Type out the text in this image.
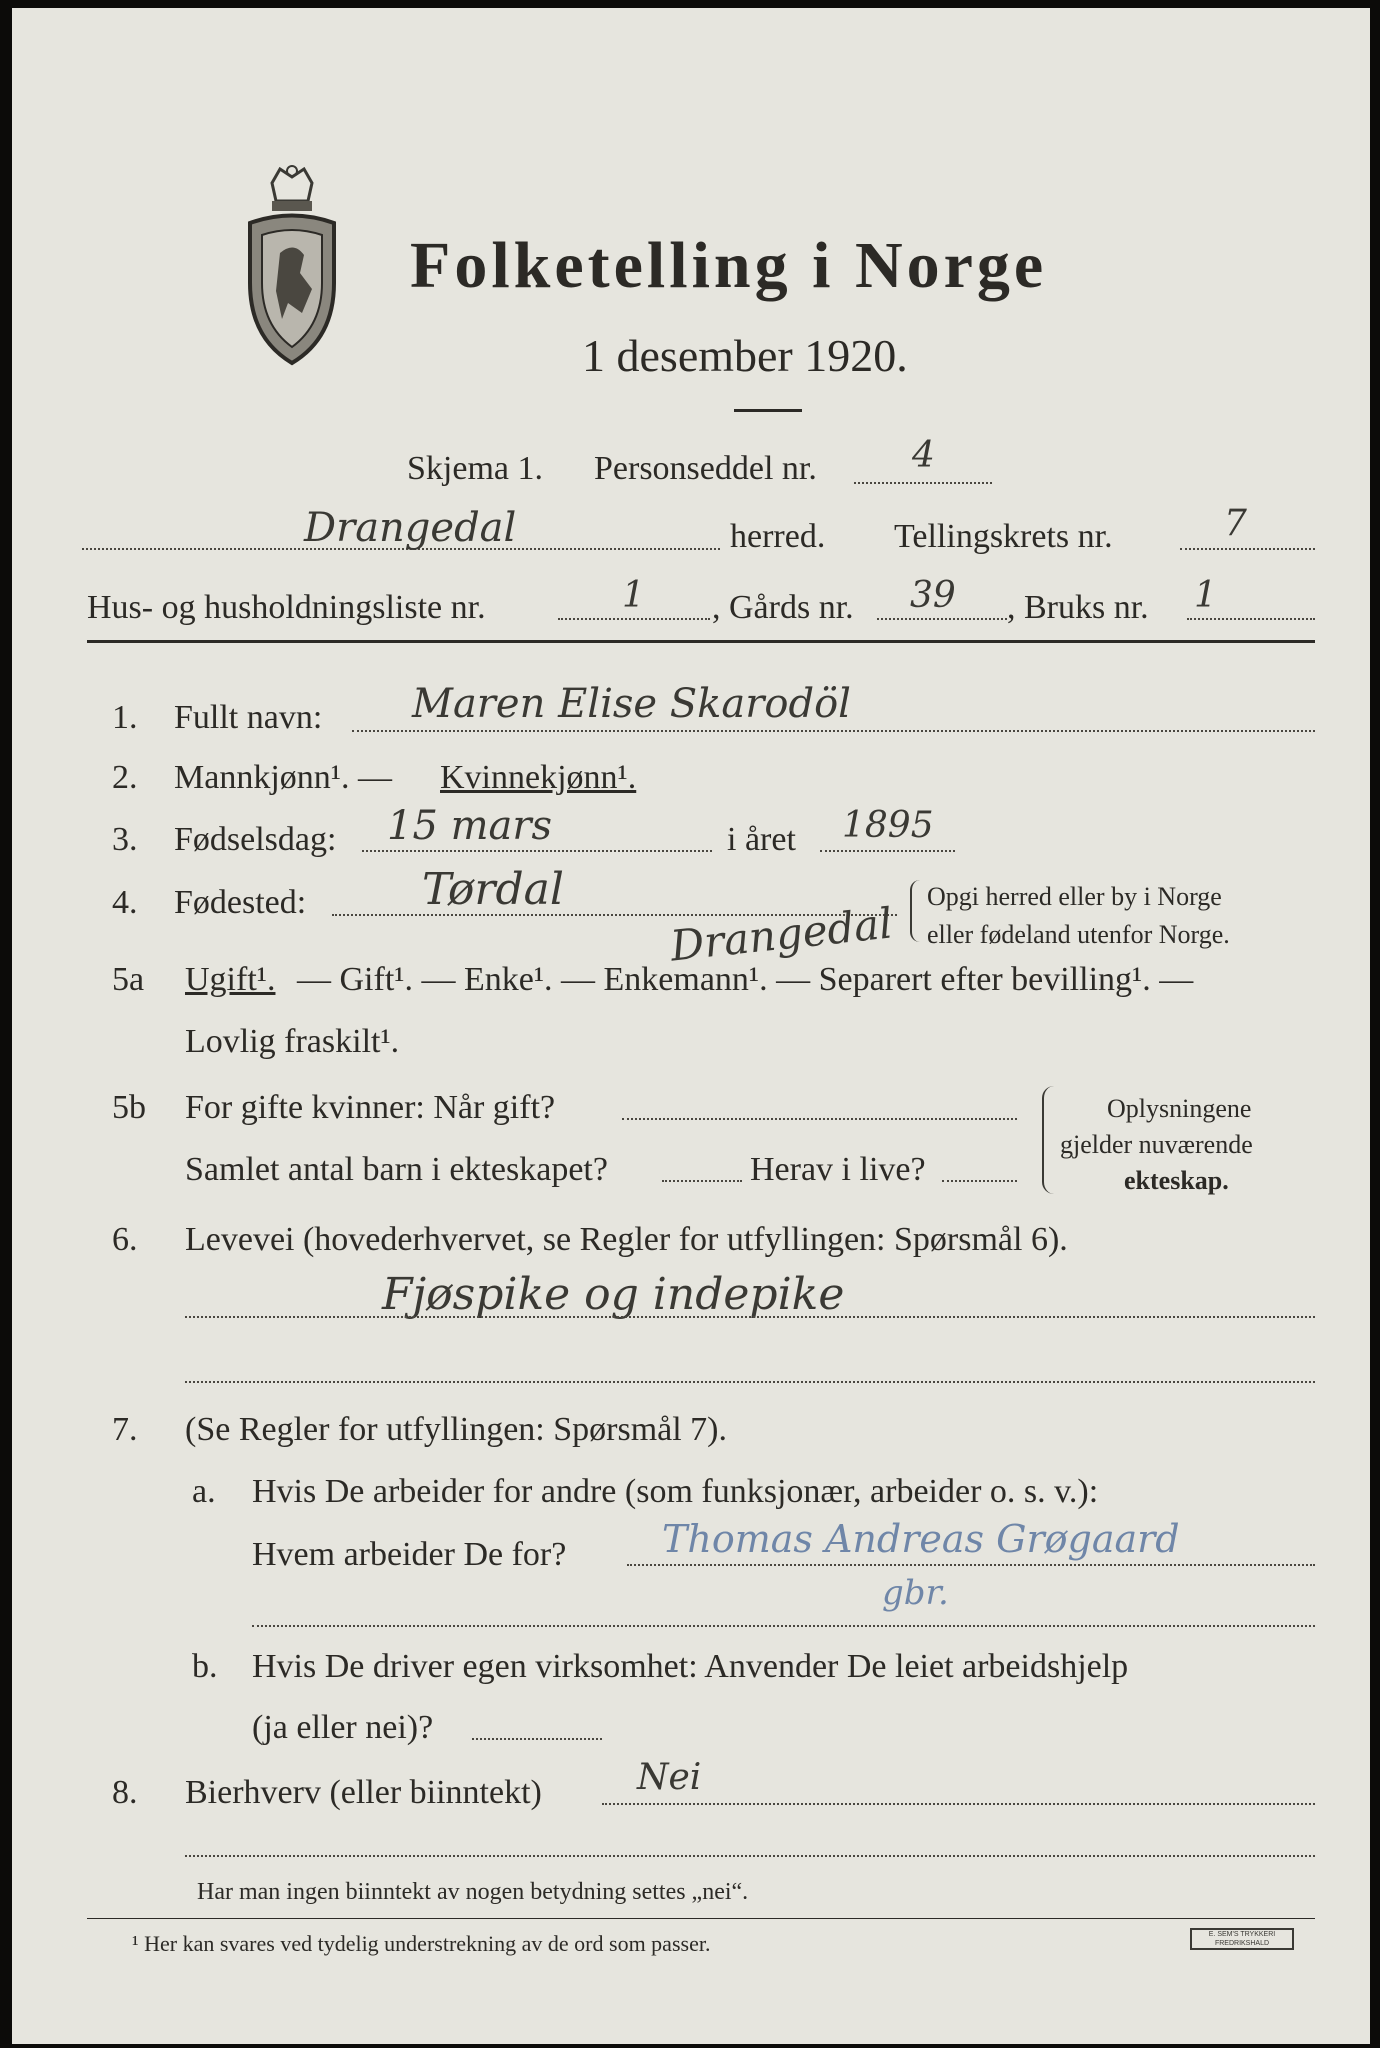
Folketelling i Norge
1 desember 1920.
Skjema 1. Personseddel nr.	4
Drangedal	herred. Tellingskrets nr.	7
Hus- og husholdningsliste nr.	1 , Gårds nr. 39 , Bruks nr. 1
1. Fullt navn: Maren Elise Skarodöl
2. Mannkjønn¹. — Kvinnekjønn¹.
3. Fødselsdag: 15 mars	i året 1895
4. Fødested:	Tørdal	Opgi herred eller by i Norge
eller fødeland utenfor Norge.
Drangedal
5a Ugift¹. — Gift¹. — Enke¹. — Enkemann¹. — Separert efter bevilling¹. —
Lovlig fraskilt¹.
5b For gifte kvinner: Når gift?
Samlet antal barn i ekteskapet?	Herav i live?
Oplysningene
gjelder nuværende
ekteskap.
6. Levevei (hovederhvervet, se Regler for utfyllingen: Spørsmål 6).
Fjøspike og indepike
7. (Se Regler for utfyllingen: Spørsmål 7).
a. Hvis De arbeider for andre (som funksjonær, arbeider o. s. v.):
Hvem arbeider De for?	Thomas Andreas Grøgaard
gbr.
b. Hvis De driver egen virksomhet: Anvender De leiet arbeidshjelp
(ja eller nei)?
8. Bierhverv (eller biinntekt)	Nei
Har man ingen biinntekt av nogen betydning settes „nei“.
¹ Her kan svares ved tydelig understrekning av de ord som passer.	E. SEM'S TRYKKERI FREDRIKSHALD
